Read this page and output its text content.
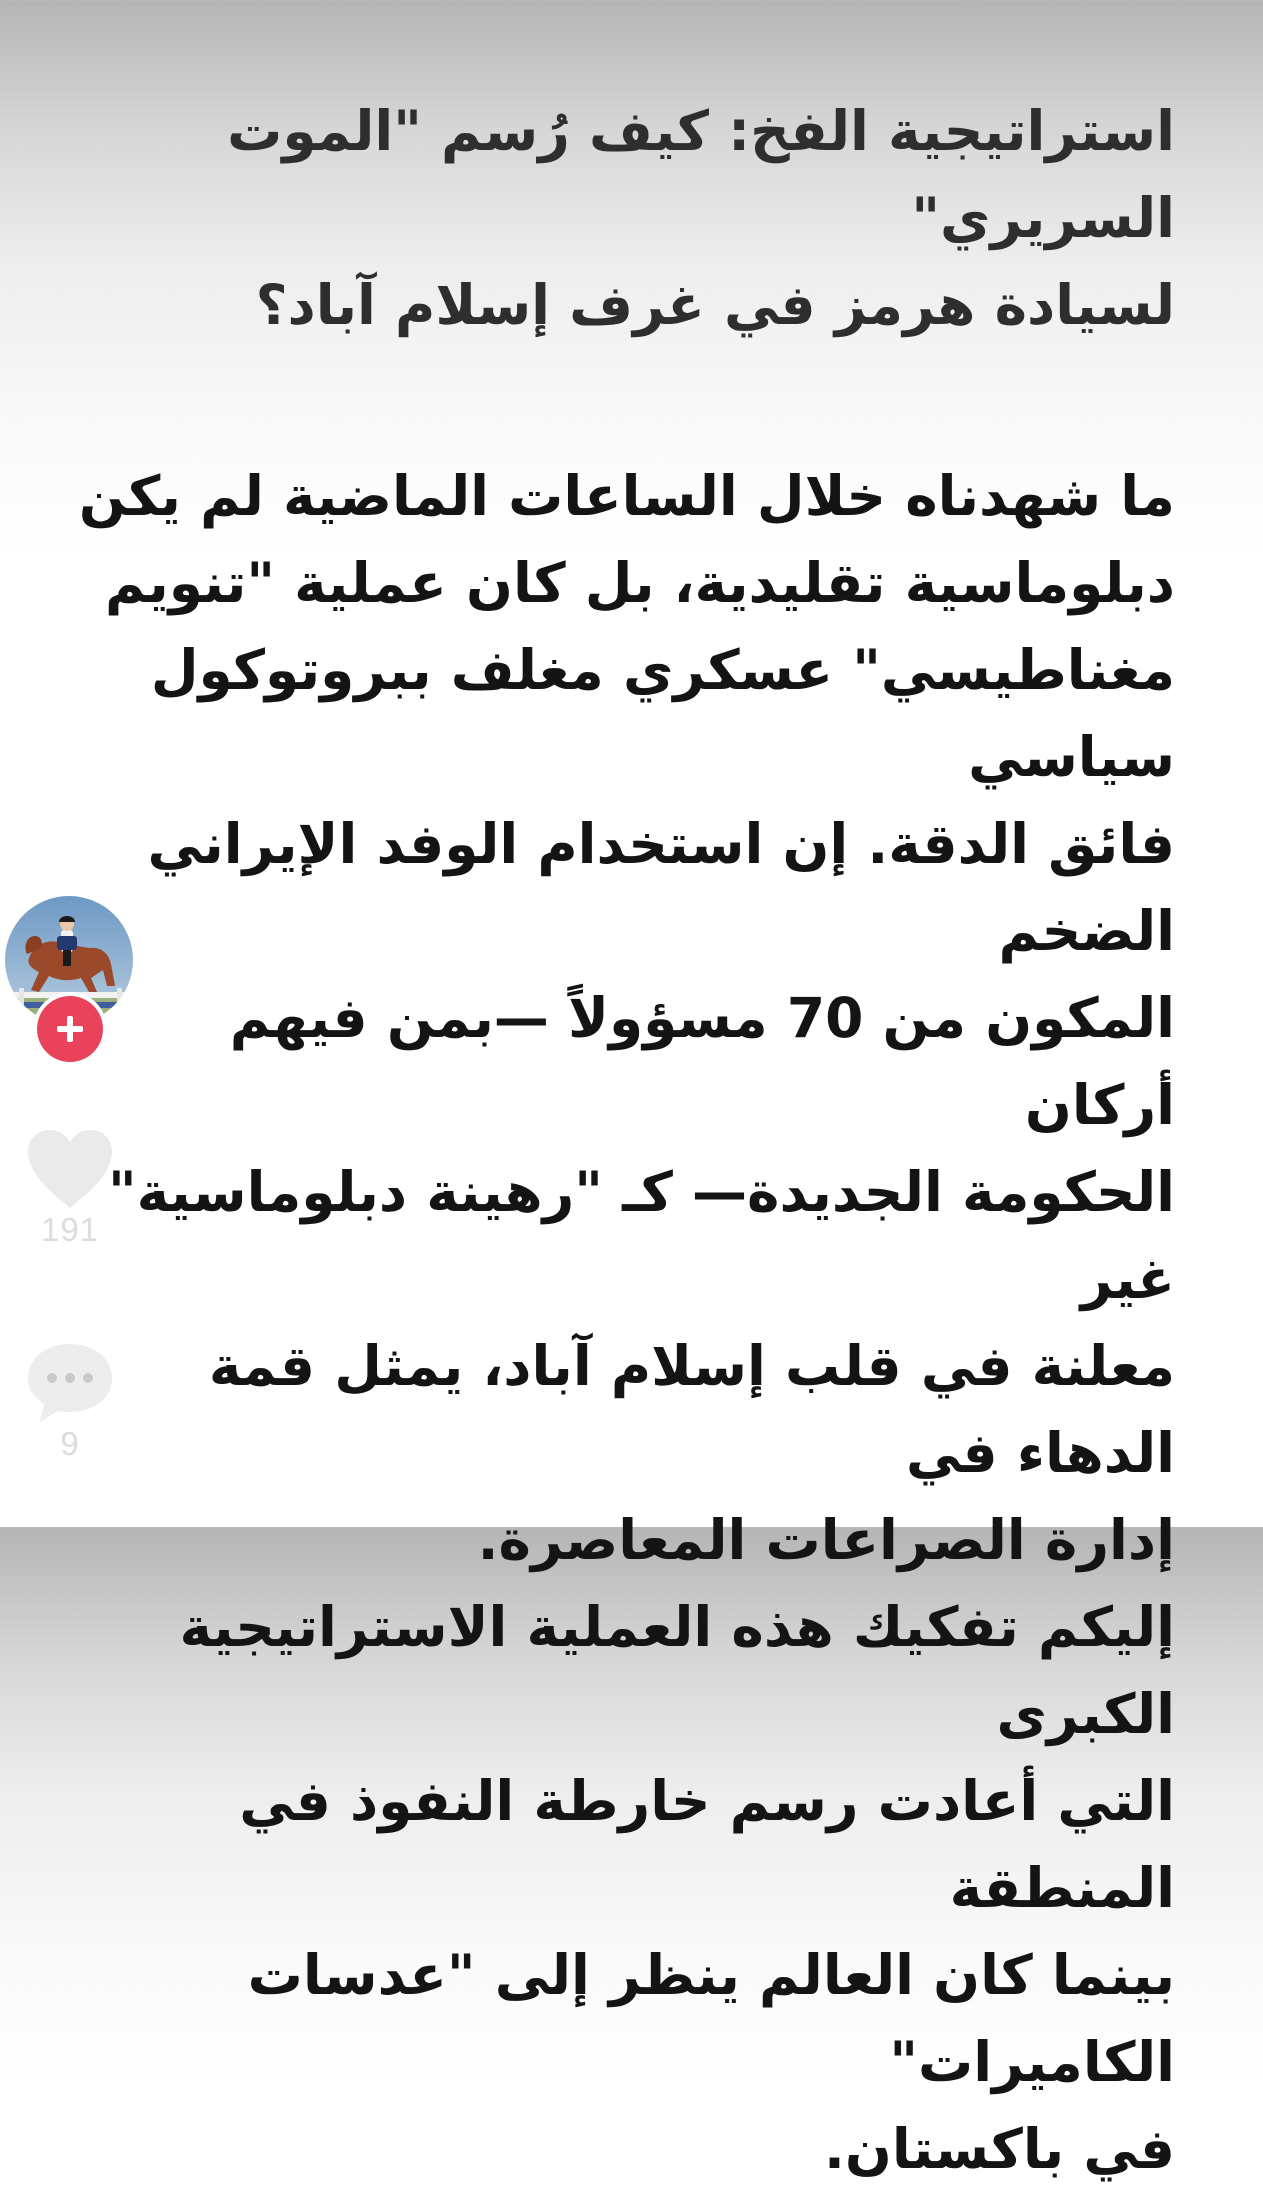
استراتيجية الفخ: كيف رُسم "الموت السريري"
لسيادة هرمز في غرف إسلام آباد؟

ما شهدناه خلال الساعات الماضية لم يكن
دبلوماسية تقليدية، بل كان عملية "تنويم
مغناطيسي" عسكري مغلف ببروتوكول سياسي
فائق الدقة. إن استخدام الوفد الإيراني الضخم
المكون من 70 مسؤولاً —بمن فيهم أركان
الحكومة الجديدة— كـ "رهينة دبلوماسية" غير
معلنة في قلب إسلام آباد، يمثل قمة الدهاء في
إدارة الصراعات المعاصرة.
إليكم تفكيك هذه العملية الاستراتيجية الكبرى
التي أعادت رسم خارطة النفوذ في المنطقة
بينما كان العالم ينظر إلى "عدسات الكاميرات"
في باكستان.

191
9
